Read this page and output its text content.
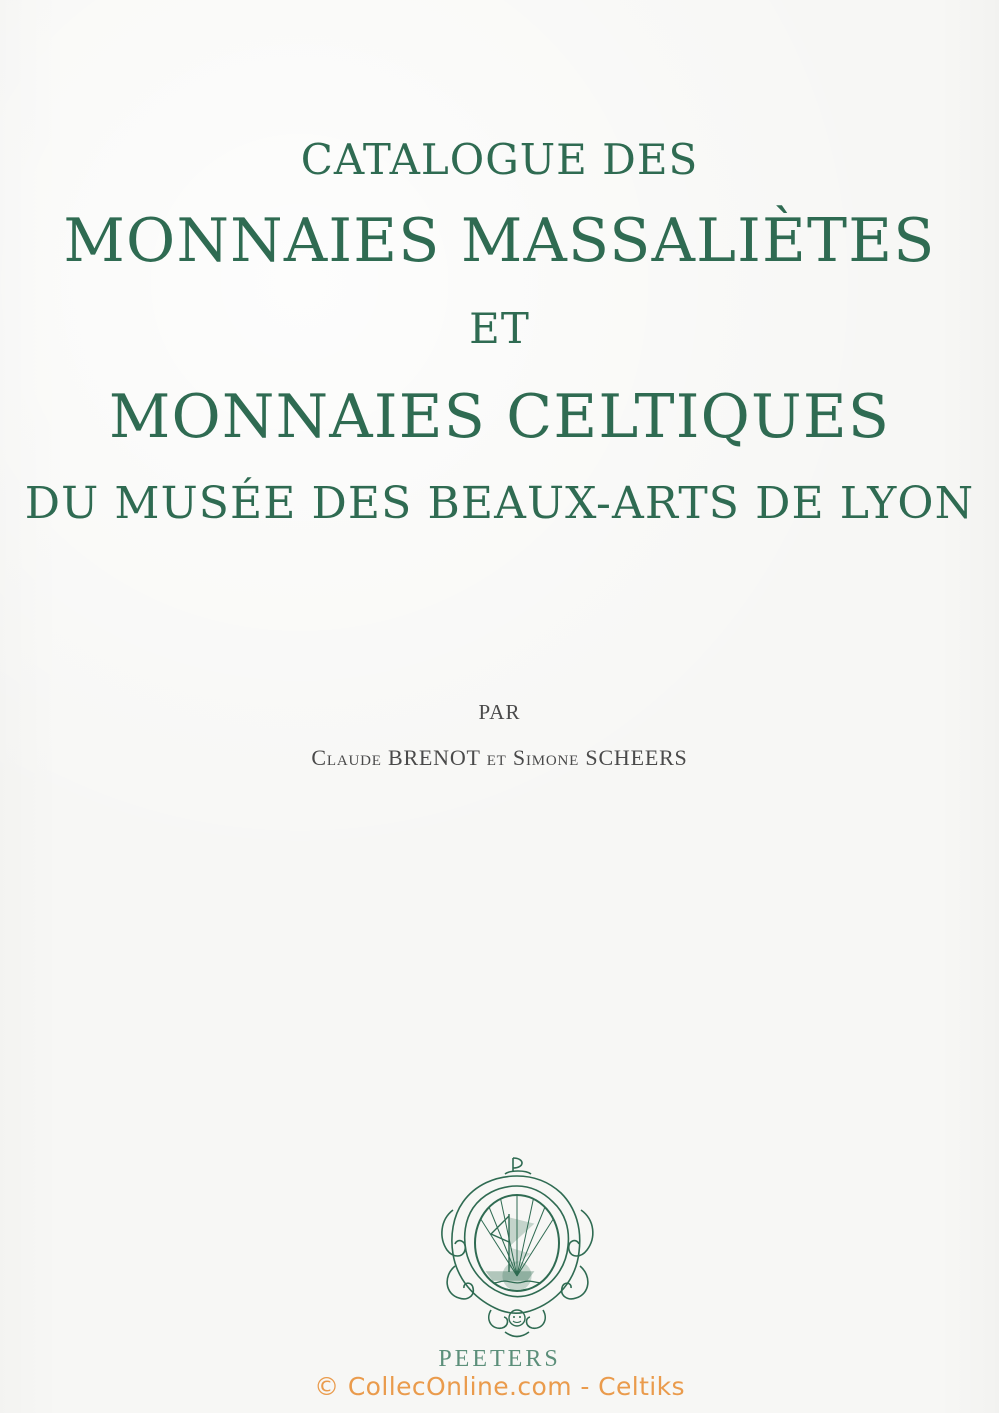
CATALOGUE DES
MONNAIES MASSALIÈTES
ET
MONNAIES CELTIQUES
DU MUSÉE DES BEAUX-ARTS DE LYON
PAR
Claude BRENOT et Simone SCHEERS
PEETERS
© CollecOnline.com - Celtiks
